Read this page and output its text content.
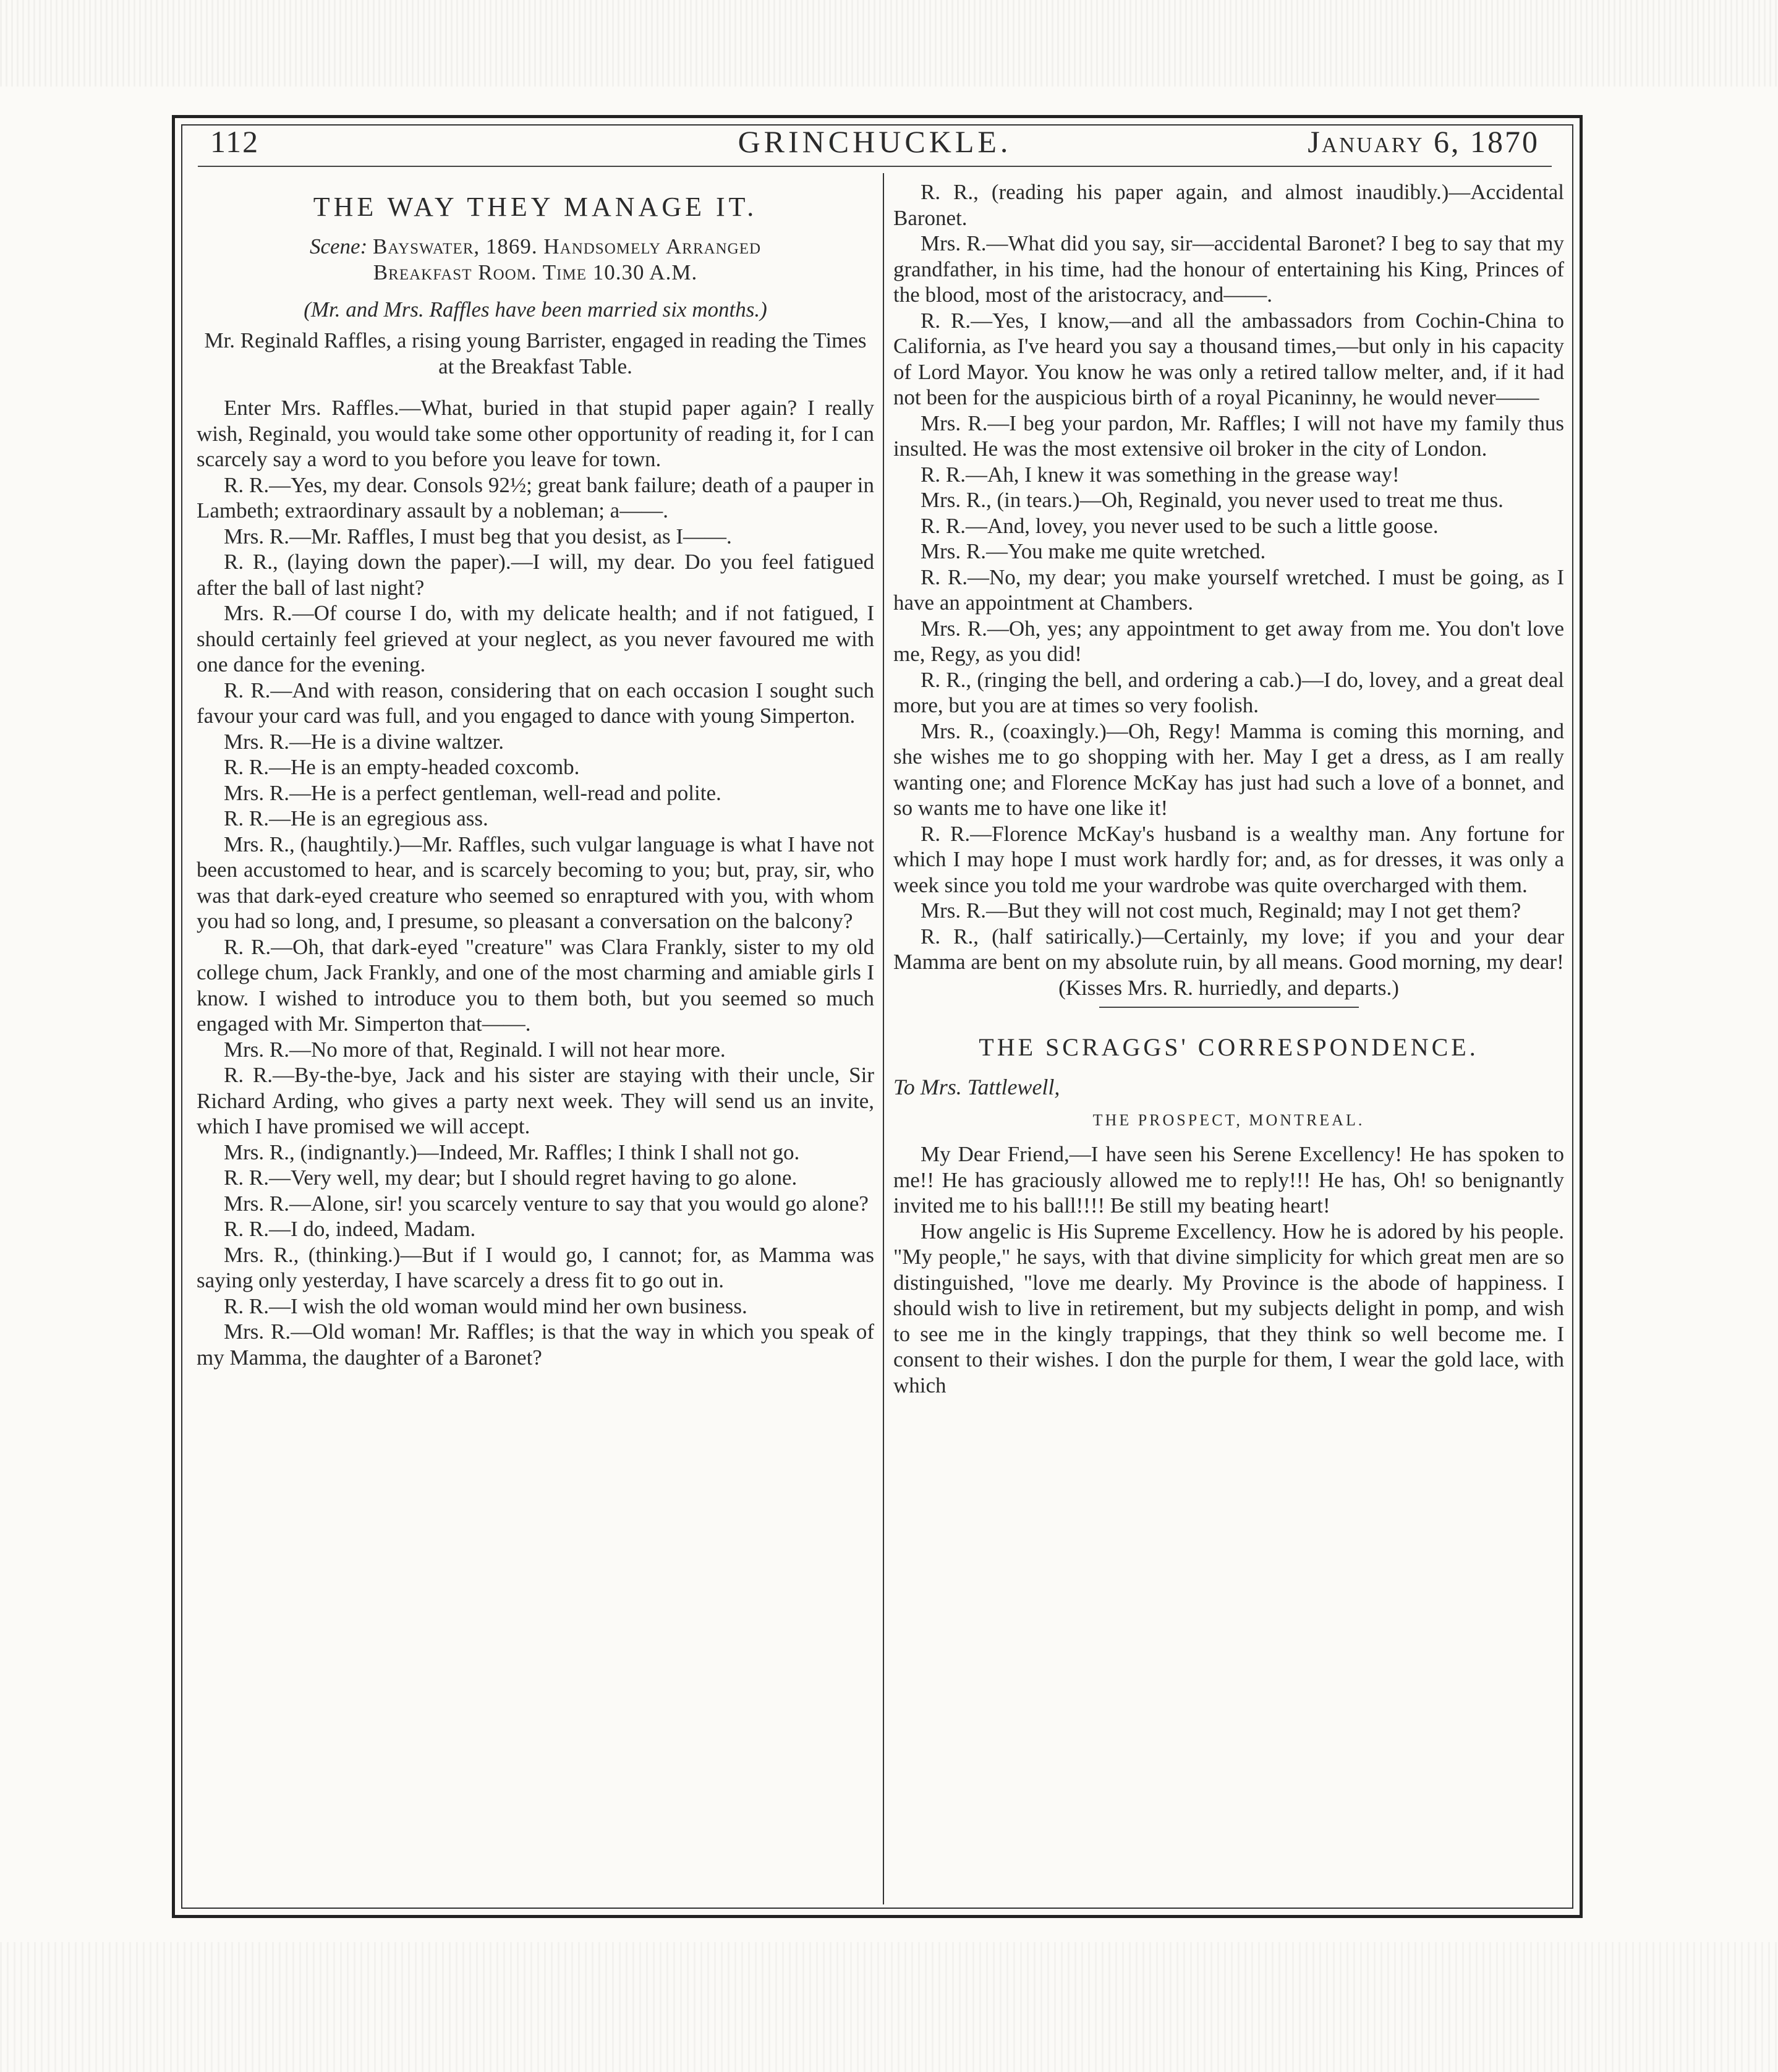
112	GRINCHUCKLE.	January 6, 1870
THE WAY THEY MANAGE IT.
Scene: Bayswater, 1869. Handsomely Arranged
Breakfast Room. Time 10.30 A.M.
(Mr. and Mrs. Raffles have been married six months.)
Mr. Reginald Raffles, a rising young Barrister, engaged in reading the Times at the Breakfast Table.

Enter Mrs. Raffles.—What, buried in that stupid paper again? I really wish, Reginald, you would take some other opportunity of reading it, for I can scarcely say a word to you before you leave for town.

R. R.—Yes, my dear. Consols 92½; great bank failure; death of a pauper in Lambeth; extraordinary assault by a nobleman; a——.

Mrs. R.—Mr. Raffles, I must beg that you desist, as I——.

R. R., (laying down the paper).—I will, my dear. Do you feel fatigued after the ball of last night?

Mrs. R.—Of course I do, with my delicate health; and if not fatigued, I should certainly feel grieved at your neglect, as you never favoured me with one dance for the evening.

R. R.—And with reason, considering that on each occasion I sought such favour your card was full, and you engaged to dance with young Simperton.

Mrs. R.—He is a divine waltzer.

R. R.—He is an empty-headed coxcomb.

Mrs. R.—He is a perfect gentleman, well-read and polite.

R. R.—He is an egregious ass.

Mrs. R., (haughtily.)—Mr. Raffles, such vulgar language is what I have not been accustomed to hear, and is scarcely becoming to you; but, pray, sir, who was that dark-eyed creature who seemed so enraptured with you, with whom you had so long, and, I presume, so pleasant a conversation on the balcony?

R. R.—Oh, that dark-eyed "creature" was Clara Frankly, sister to my old college chum, Jack Frankly, and one of the most charming and amiable girls I know. I wished to introduce you to them both, but you seemed so much engaged with Mr. Simperton that——.

Mrs. R.—No more of that, Reginald. I will not hear more.

R. R.—By-the-bye, Jack and his sister are staying with their uncle, Sir Richard Arding, who gives a party next week. They will send us an invite, which I have promised we will accept.

Mrs. R., (indignantly.)—Indeed, Mr. Raffles; I think I shall not go.

R. R.—Very well, my dear; but I should regret having to go alone.

Mrs. R.—Alone, sir! you scarcely venture to say that you would go alone?

R. R.—I do, indeed, Madam.

Mrs. R., (thinking.)—But if I would go, I cannot; for, as Mamma was saying only yesterday, I have scarcely a dress fit to go out in.

R. R.—I wish the old woman would mind her own business.

Mrs. R.—Old woman! Mr. Raffles; is that the way in which you speak of my Mamma, the daughter of a Baronet?

R. R., (reading his paper again, and almost inaudibly.)—Accidental Baronet.

Mrs. R.—What did you say, sir—accidental Baronet? I beg to say that my grandfather, in his time, had the honour of entertaining his King, Princes of the blood, most of the aristocracy, and——.

R. R.—Yes, I know,—and all the ambassadors from Cochin-China to California, as I've heard you say a thousand times,—but only in his capacity of Lord Mayor. You know he was only a retired tallow melter, and, if it had not been for the auspicious birth of a royal Picaninny, he would never——

Mrs. R.—I beg your pardon, Mr. Raffles; I will not have my family thus insulted. He was the most extensive oil broker in the city of London.

R. R.—Ah, I knew it was something in the grease way!

Mrs. R., (in tears.)—Oh, Reginald, you never used to treat me thus.

R. R.—And, lovey, you never used to be such a little goose.

Mrs. R.—You make me quite wretched.

R. R.—No, my dear; you make yourself wretched. I must be going, as I have an appointment at Chambers.

Mrs. R.—Oh, yes; any appointment to get away from me. You don't love me, Regy, as you did!

R. R., (ringing the bell, and ordering a cab.)—I do, lovey, and a great deal more, but you are at times so very foolish.

Mrs. R., (coaxingly.)—Oh, Regy! Mamma is coming this morning, and she wishes me to go shopping with her. May I get a dress, as I am really wanting one; and Florence McKay has just had such a love of a bonnet, and so wants me to have one like it!

R. R.—Florence McKay's husband is a wealthy man. Any fortune for which I may hope I must work hardly for; and, as for dresses, it was only a week since you told me your wardrobe was quite overcharged with them.

Mrs. R.—But they will not cost much, Reginald; may I not get them?

R. R., (half satirically.)—Certainly, my love; if you and your dear Mamma are bent on my absolute ruin, by all means. Good morning, my dear!

(Kisses Mrs. R. hurriedly, and departs.)
THE SCRAGGS' CORRESPONDENCE.
To Mrs. Tattlewell,
THE PROSPECT, MONTREAL.

My Dear Friend,—I have seen his Serene Excellency! He has spoken to me!! He has graciously allowed me to reply!!! He has, Oh! so benignantly invited me to his ball!!!! Be still my beating heart!

How angelic is His Supreme Excellency. How he is adored by his people. "My people," he says, with that divine simplicity for which great men are so distinguished, "love me dearly. My Province is the abode of happiness. I should wish to live in retirement, but my subjects delight in pomp, and wish to see me in the kingly trappings, that they think so well become me. I consent to their wishes. I don the purple for them, I wear the gold lace, with which
